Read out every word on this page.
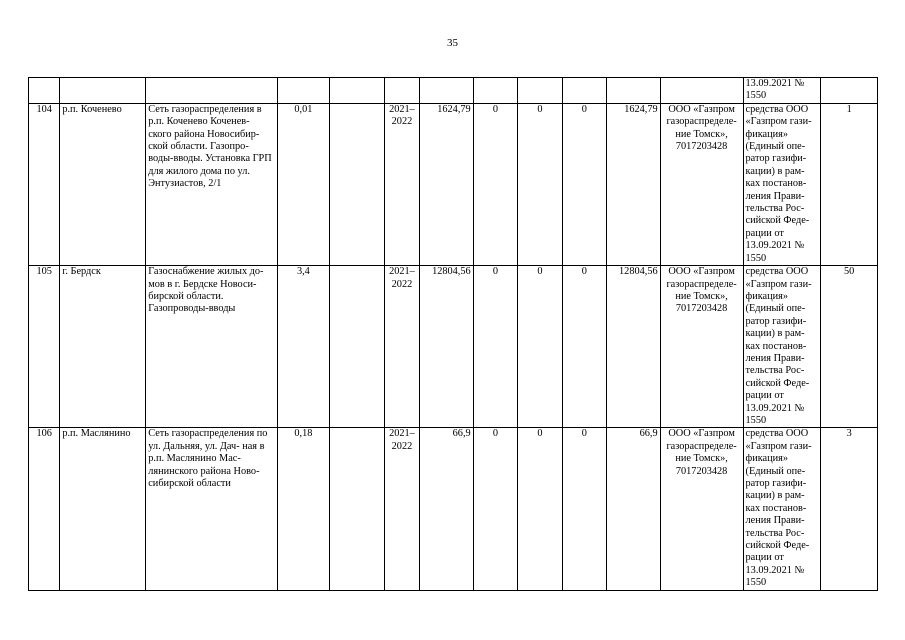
35
												13.09.2021 № 1550	
104	р.п. Коченево	Сеть газораспределения в р.п. Коченево Коченев- ского района Новосибир- ской области. Газопро- воды-вводы. Установка ГРП для жилого дома по ул. Энтузиастов, 2/1	0,01		2021– 2022	1624,79	0	0	0	1624,79	ООО «Газпром газораспределе- ние Томск», 7017203428	средства ООО «Газпром гази- фикация» (Единый опе- ратор газифи- кации) в рам- ках постанов- ления Прави- тельства Рос- сийской Феде- рации от 13.09.2021 № 1550	1
105	г. Бердск	Газоснабжение жилых до- мов в г. Бердске Новоси- бирской области. Газопроводы-вводы	3,4		2021– 2022	12804,56	0	0	0	12804,56	ООО «Газпром газораспределе- ние Томск», 7017203428	средства ООО «Газпром гази- фикация» (Единый опе- ратор газифи- кации) в рам- ках постанов- ления Прави- тельства Рос- сийской Феде- рации от 13.09.2021 № 1550	50
106	р.п. Маслянино	Сеть газораспределения по ул. Дальняя, ул. Дач- ная в р.п. Маслянино Мас- лянинского района Ново- сибирской области	0,18		2021– 2022	66,9	0	0	0	66,9	ООО «Газпром газораспределе- ние Томск», 7017203428	средства ООО «Газпром гази- фикация» (Единый опе- ратор газифи- кации) в рам- ках постанов- ления Прави- тельства Рос- сийской Феде- рации от 13.09.2021 № 1550	3
